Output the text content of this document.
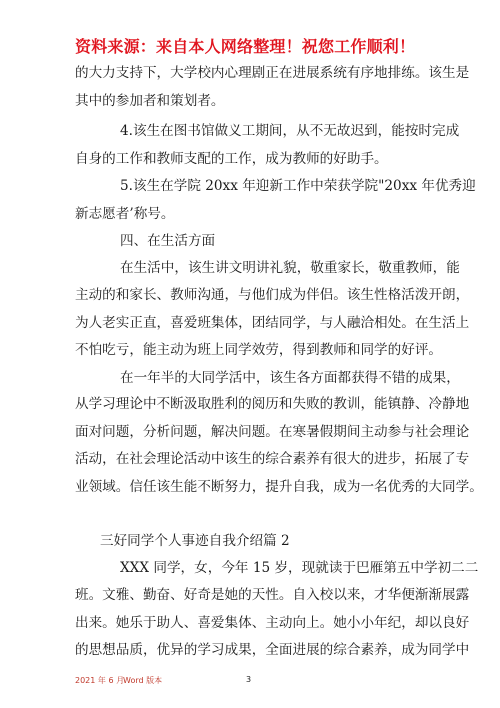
资料来源：来自本人网络整理！祝您工作顺利！
的大力支持下，大学校内心理剧正在进展系统有序地排练。该生是
其中的参加者和策划者。
4.该生在图书馆做义工期间，从不无故迟到，能按时完成
自身的工作和教师支配的工作，成为教师的好助手。
5.该生在学院 20xx 年迎新工作中荣获学院"20xx 年优秀迎
新志愿者’称号。
四、在生活方面
在生活中，该生讲文明讲礼貌，敬重家长，敬重教师，能
主动的和家长、教师沟通，与他们成为伴侣。该生性格活泼开朗，
为人老实正直，喜爱班集体，团结同学，与人融洽相处。在生活上
不怕吃亏，能主动为班上同学效劳，得到教师和同学的好评。
在一年半的大同学活中，该生各方面都获得不错的成果，
从学习理论中不断汲取胜利的阅历和失败的教训，能镇静、冷静地
面对问题，分析问题，解决问题。在寒暑假期间主动参与社会理论
活动，在社会理论活动中该生的综合素养有很大的进步，拓展了专
业领域。信任该生能不断努力，提升自我，成为一名优秀的大同学。
三好同学个人事迹自我介绍篇 2
XXX 同学，女，今年 15 岁，现就读于巴雁第五中学初二二
班。文雅、勤奋、好奇是她的天性。自入校以来，才华便渐渐展露
出来。她乐于助人、喜爱集体、主动向上。她小小年纪，却以良好
的思想品质，优异的学习成果，全面进展的综合素养，成为同学中
2021 年 6 月
Word 版本	3
